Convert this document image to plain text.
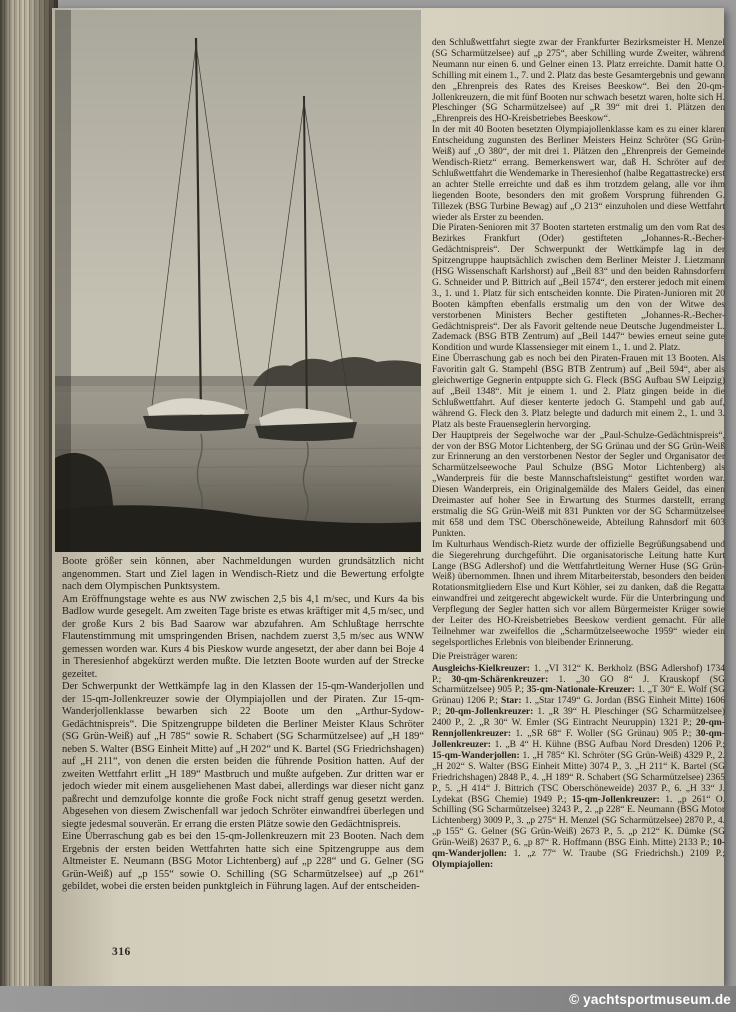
Boote größer sein können, aber Nachmeldungen wurden grundsätzlich nicht angenommen. Start und Ziel lagen in Wendisch-Rietz und die Bewertung erfolgte nach dem Olympischen Punktsystem.

Am Eröffnungstage wehte es aus NW zwischen 2,5 bis 4,1 m/sec, und Kurs 4a bis Badlow wurde gesegelt. Am zweiten Tage briste es etwas kräftiger mit 4,5 m/sec, und der große Kurs 2 bis Bad Saarow war abzufahren. Am Schlußtage herrschte Flautenstimmung mit umspringenden Brisen, nachdem zuerst 3,5 m/sec aus WNW gemessen worden war. Kurs 4 bis Pieskow wurde angesetzt, der aber dann bei Boje 4 in Theresienhof abgekürzt werden mußte. Die letzten Boote wurden auf der Strecke gezeitet.

Der Schwerpunkt der Wettkämpfe lag in den Klassen der 15-qm-Wanderjollen und der 15-qm-Jollenkreuzer sowie der Olympiajollen und der Piraten. Zur 15-qm-Wanderjollenklasse bewarben sich 22 Boote um den „Arthur-Sydow-Gedächtnispreis“. Die Spitzengruppe bildeten die Berliner Meister Klaus Schröter (SG Grün-Weiß) auf „H 785“ sowie R. Schabert (SG Scharmützelsee) auf „H 189“ neben S. Walter (BSG Einheit Mitte) auf „H 202“ und K. Bartel (SG Friedrichshagen) auf „H 211“, von denen die ersten beiden die führende Position hatten. Auf der zweiten Wettfahrt erlitt „H 189“ Mastbruch und mußte aufgeben. Zur dritten war er jedoch wieder mit einem ausgeliehenen Mast dabei, allerdings war dieser nicht ganz paßrecht und demzufolge konnte die große Fock nicht straff genug gesetzt werden. Abgesehen von diesem Zwischenfall war jedoch Schröter einwandfrei überlegen und siegte jedesmal souverän. Er errang die ersten Plätze sowie den Gedächtnispreis.

Eine Überraschung gab es bei den 15-qm-Jollenkreuzern mit 23 Booten. Nach dem Ergebnis der ersten beiden Wettfahrten hatte sich eine Spitzengruppe aus dem Altmeister E. Neumann (BSG Motor Lichtenberg) auf „p 228“ und G. Gelner (SG Grün-Weiß) auf „p 155“ sowie O. Schilling (SG Scharmützelsee) auf „p 261“ gebildet, wobei die ersten beiden punktgleich in Führung lagen. Auf der entscheiden-

den Schlußwettfahrt siegte zwar der Frankfurter Bezirksmeister H. Menzel (SG Scharmützelsee) auf „p 275“, aber Schilling wurde Zweiter, während Neumann nur einen 6. und Gelner einen 13. Platz erreichte. Damit hatte O. Schilling mit einem 1., 7. und 2. Platz das beste Gesamtergebnis und gewann den „Ehrenpreis des Rates des Kreises Beeskow“. Bei den 20-qm-Jollenkreuzern, die mit fünf Booten nur schwach besetzt waren, holte sich H. Pleschinger (SG Scharmützelsee) auf „R 39“ mit drei 1. Plätzen den „Ehrenpreis des HO-Kreisbetriebes Beeskow“.

In der mit 40 Booten besetzten Olympiajollenklasse kam es zu einer klaren Entscheidung zugunsten des Berliner Meisters Heinz Schröter (SG Grün-Weiß) auf „O 380“, der mit drei 1. Plätzen den „Ehrenpreis der Gemeinde Wendisch-Rietz“ errang. Bemerkenswert war, daß H. Schröter auf der Schlußwettfahrt die Wendemarke in Theresienhof (halbe Regattastrecke) erst an achter Stelle erreichte und daß es ihm trotzdem gelang, alle vor ihm liegenden Boote, besonders den mit großem Vorsprung führenden G. Tillezek (BSG Turbine Bewag) auf „O 213“ einzuholen und diese Wettfahrt wieder als Erster zu beenden.

Die Piraten-Senioren mit 37 Booten starteten erstmalig um den vom Rat des Bezirkes Frankfurt (Oder) gestifteten „Johannes-R.-Becher-Gedächtnispreis“. Der Schwerpunkt der Wettkämpfe lag in der Spitzengruppe hauptsächlich zwischen dem Berliner Meister J. Lietzmann (HSG Wissenschaft Karlshorst) auf „Beil 83“ und den beiden Rahnsdorfern G. Schneider und P. Bittrich auf „Beil 1574“, den ersterer jedoch mit einem 3., 1. und 1. Platz für sich entscheiden konnte. Die Piraten-Junioren mit 20 Booten kämpften ebenfalls erstmalig um den von der Witwe des verstorbenen Ministers Becher gestifteten „Johannes-R.-Becher-Gedächtnispreis“. Der als Favorit geltende neue Deutsche Jugendmeister L. Zademack (BSG BTB Zentrum) auf „Beil 1447“ bewies erneut seine gute Kondition und wurde Klassensieger mit einem 1., 1. und 2. Platz.

Eine Überraschung gab es noch bei den Piraten-Frauen mit 13 Booten. Als Favoritin galt G. Stampehl (BSG BTB Zentrum) auf „Beil 594“, aber als gleichwertige Gegnerin entpuppte sich G. Fleck (BSG Aufbau SW Leipzig) auf „Beil 1348“. Mit je einem 1. und 2. Platz gingen beide in die Schlußwettfahrt. Auf dieser kenterte jedoch G. Stampehl und gab auf, während G. Fleck den 3. Platz belegte und dadurch mit einem 2., 1. und 3. Platz als beste Frauenseglerin hervorging.

Der Hauptpreis der Segelwoche war der „Paul-Schulze-Gedächtnispreis“, der von der BSG Motor Lichtenberg, der SG Grünau und der SG Grün-Weiß zur Erinnerung an den verstorbenen Nestor der Segler und Organisator der Scharmützelseewoche Paul Schulze (BSG Motor Lichtenberg) als „Wanderpreis für die beste Mannschaftsleistung“ gestiftet worden war. Diesen Wanderpreis, ein Originalgemälde des Malers Geidel, das einen Dreimaster auf hoher See in Erwartung des Sturmes darstellt, errang erstmalig die SG Grün-Weiß mit 831 Punkten vor der SG Scharmützelsee mit 658 und dem TSC Oberschöneweide, Abteilung Rahnsdorf mit 603 Punkten.

Im Kulturhaus Wendisch-Rietz wurde der offizielle Begrüßungsabend und die Siegerehrung durchgeführt. Die organisatorische Leitung hatte Kurt Lange (BSG Adlershof) und die Wettfahrtleitung Werner Huse (SG Grün-Weiß) übernommen. Ihnen und ihrem Mitarbeiterstab, besonders den beiden Rotationsmitgliedern Else und Kurt Köhler, sei zu danken, daß die Regatta einwandfrei und zeitgerecht abgewickelt wurde. Für die Unterbringung und Verpflegung der Segler hatten sich vor allem Bürgermeister Krüger sowie der Leiter des HO-Kreisbetriebes Beeskow verdient gemacht. Für alle Teilnehmer war zweifellos die „Scharmützelseewoche 1959“ wieder ein segelsportliches Erlebnis von bleibender Erinnerung.

Die Preisträger waren:

Ausgleichs-Kielkreuzer: 1. „VI 312“ K. Berkholz (BSG Adlershof) 1734 P.; 30-qm-Schärenkreuzer: 1. „30 GO 8“ J. Krauskopf (SG Scharmützelsee) 905 P.; 35-qm-Nationale-Kreuzer: 1. „T 30“ E. Wolf (SG Grünau) 1206 P.; Star: 1. „Star 1749“ G. Jordan (BSG Einheit Mitte) 1606 P.; 20-qm-Jollenkreuzer: 1. „R 39“ H. Pleschinger (SG Scharmützelsee) 2400 P., 2. „R 30“ W. Emler (SG Eintracht Neuruppin) 1321 P.; 20-qm-Rennjollenkreuzer: 1. „SR 68“ F. Woller (SG Grünau) 905 P.; 30-qm-Jollenkreuzer: 1. „B 4“ H. Kühne (BSG Aufbau Nord Dresden) 1206 P.; 15-qm-Wanderjollen: 1. „H 785“ Kl. Schröter (SG Grün-Weiß) 4329 P., 2. „H 202“ S. Walter (BSG Einheit Mitte) 3074 P., 3. „H 211“ K. Bartel (SG Friedrichshagen) 2848 P., 4. „H 189“ R. Schabert (SG Scharmützelsee) 2365 P., 5. „H 414“ J. Bittrich (TSC Oberschöneweide) 2037 P., 6. „H 33“ J. Lydekat (BSG Chemie) 1949 P.; 15-qm-Jollenkreuzer: 1. „p 261“ O. Schilling (SG Scharmützelsee) 3243 P., 2. „p 228“ E. Neumann (BSG Motor Lichtenberg) 3009 P., 3. „p 275“ H. Menzel (SG Scharmützelsee) 2870 P., 4. „p 155“ G. Gelner (SG Grün-Weiß) 2673 P., 5. „p 212“ K. Dümke (SG Grün-Weiß) 2637 P., 6. „p 87“ R. Hoffmann (BSG Einh. Mitte) 2133 P.; 10-qm-Wanderjollen: 1. „z 77“ W. Traube (SG Friedrichsh.) 2109 P.; Olympiajollen:

316
© yachtsportmuseum.de
